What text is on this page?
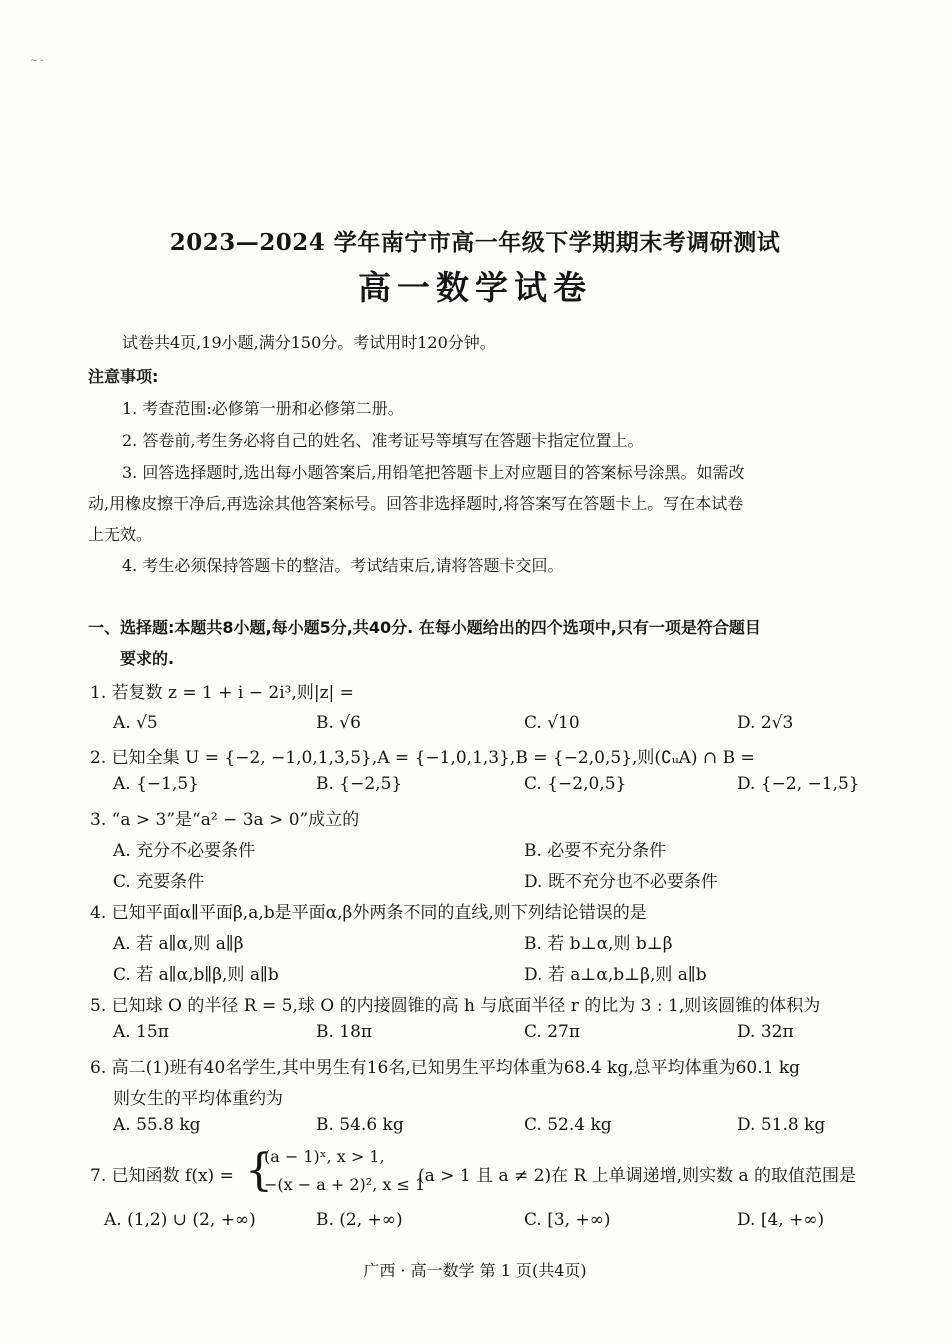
~ -
2023—2024 学年南宁市高一年级下学期期末考调研测试
高一数学试卷
试卷共4页,19小题,满分150分。考试用时120分钟。
注意事项:
1. 考查范围:必修第一册和必修第二册。
2. 答卷前,考生务必将自己的姓名、准考证号等填写在答题卡指定位置上。
3. 回答选择题时,选出每小题答案后,用铅笔把答题卡上对应题目的答案标号涂黑。如需改
动,用橡皮擦干净后,再选涂其他答案标号。回答非选择题时,将答案写在答题卡上。写在本试卷
上无效。
4. 考生必须保持答题卡的整洁。考试结束后,请将答题卡交回。
一、选择题:本题共8小题,每小题5分,共40分. 在每小题给出的四个选项中,只有一项是符合题目
要求的.
1. 若复数 z = 1 + i − 2i³,则|z| =
A. √5	B. √6	C. √10	D. 2√3
2. 已知全集 U = {−2, −1,0,1,3,5},A = {−1,0,1,3},B = {−2,0,5},则(∁ᵤA) ∩ B =
A. {−1,5}	B. {−2,5}	C. {−2,0,5}	D. {−2, −1,5}
3. “a > 3”是“a² − 3a > 0”成立的
A. 充分不必要条件	B. 必要不充分条件
C. 充要条件	D. 既不充分也不必要条件
4. 已知平面α∥平面β,a,b是平面α,β外两条不同的直线,则下列结论错误的是
A. 若 a∥α,则 a∥β	B. 若 b⊥α,则 b⊥β
C. 若 a∥α,b∥β,则 a∥b	D. 若 a⊥α,b⊥β,则 a∥b
5. 已知球 O 的半径 R = 5,球 O 的内接圆锥的高 h 与底面半径 r 的比为 3 : 1,则该圆锥的体积为
A. 15π	B. 18π	C. 27π	D. 32π
6. 高二(1)班有40名学生,其中男生有16名,已知男生平均体重为68.4 kg,总平均体重为60.1 kg
则女生的平均体重约为
A. 55.8 kg	B. 54.6 kg	C. 52.4 kg	D. 51.8 kg
7. 已知函数 f(x) = {
(a − 1)ˣ, x > 1,
−(x − a + 2)², x ≤ 1
(a > 1 且 a ≠ 2)在 R 上单调递增,则实数 a 的取值范围是
A. (1,2) ∪ (2, +∞)	B. (2, +∞)	C. [3, +∞)	D. [4, +∞)
广西 · 高一数学 第 1 页(共4页)
